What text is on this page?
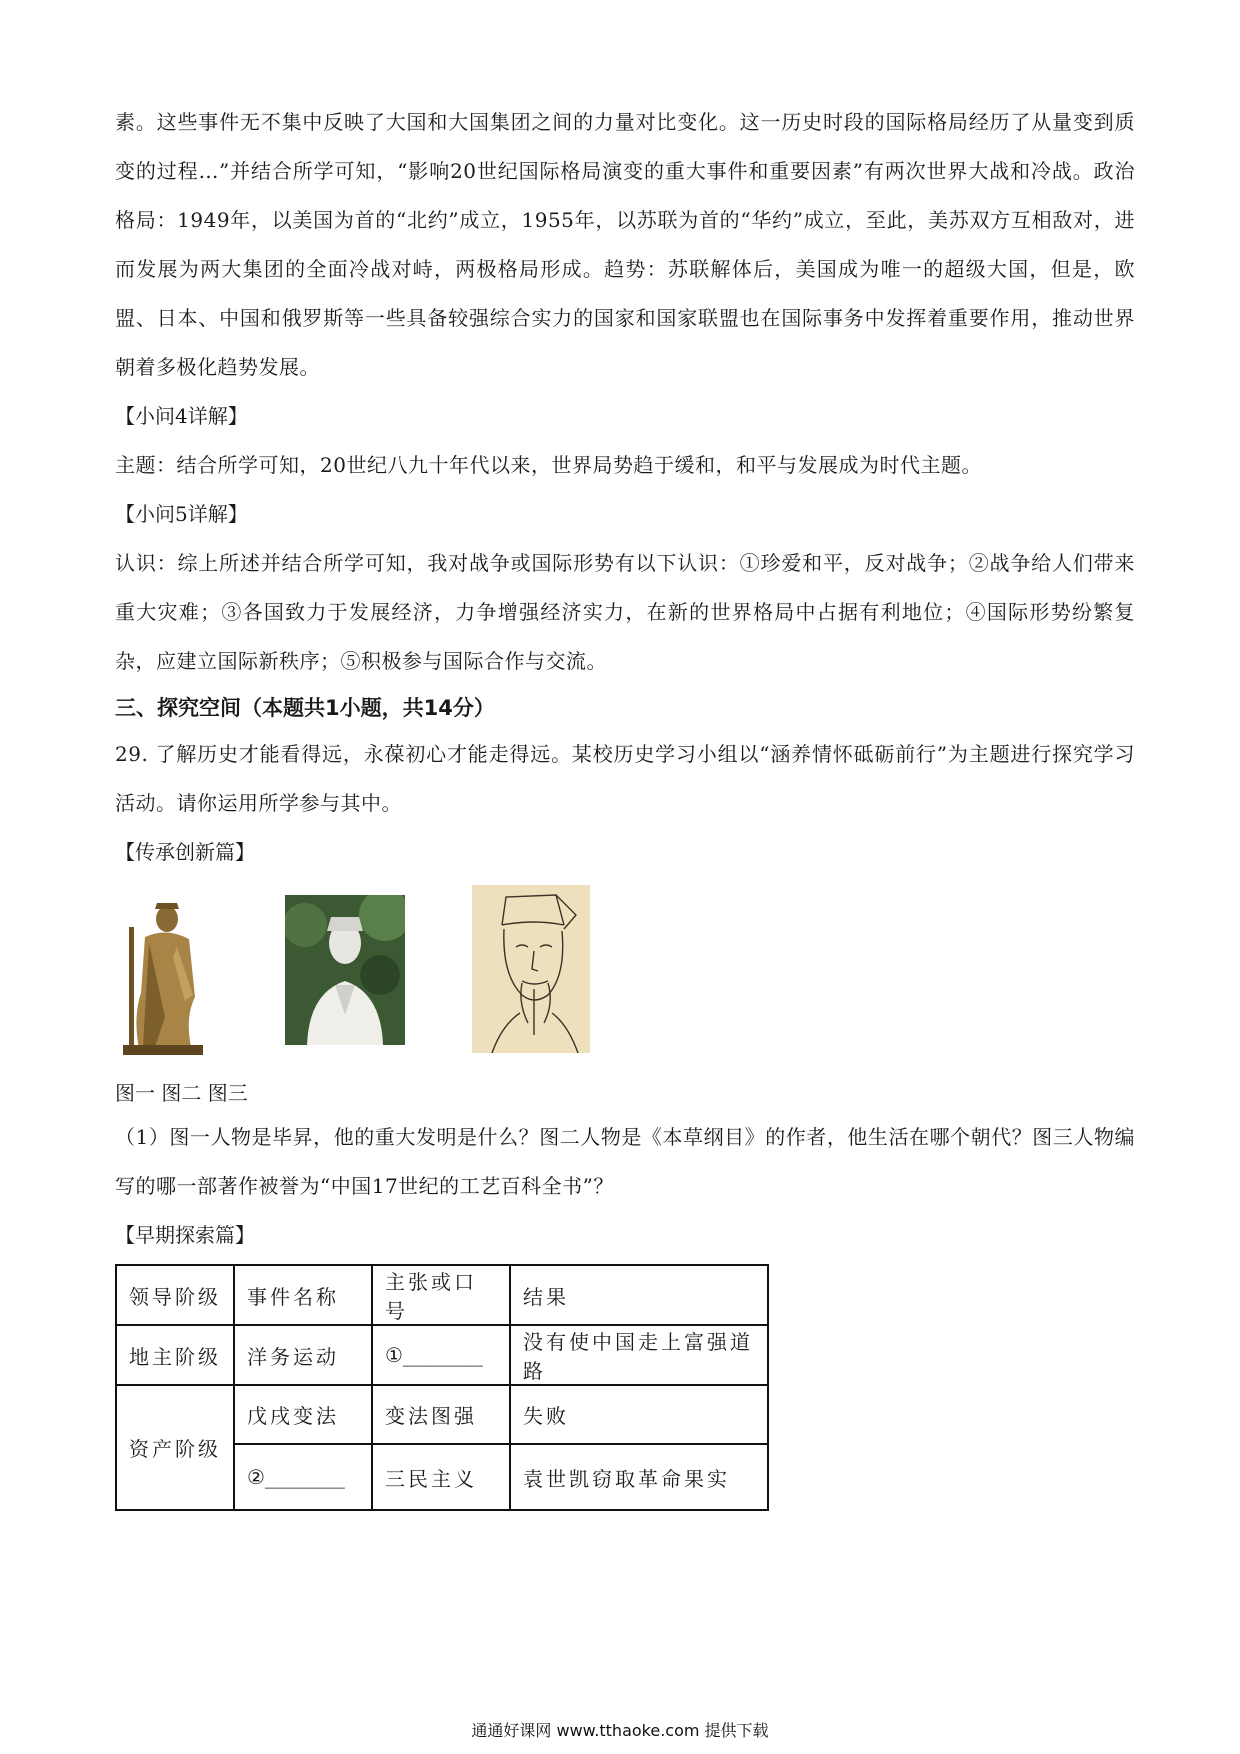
素。这些事件无不集中反映了大国和大国集团之间的力量对比变化。这一历史时段的国际格局经历了从量变到质变的过程…”并结合所学可知，“影响20世纪国际格局演变的重大事件和重要因素”有两次世界大战和冷战。政治格局：1949年，以美国为首的“北约”成立，1955年，以苏联为首的“华约”成立，至此，美苏双方互相敌对，进而发展为两大集团的全面冷战对峙，两极格局形成。趋势：苏联解体后，美国成为唯一的超级大国，但是，欧盟、日本、中国和俄罗斯等一些具备较强综合实力的国家和国家联盟也在国际事务中发挥着重要作用，推动世界朝着多极化趋势发展。

【小问4详解】

主题：结合所学可知，20世纪八九十年代以来，世界局势趋于缓和，和平与发展成为时代主题。

【小问5详解】

认识：综上所述并结合所学可知，我对战争或国际形势有以下认识：①珍爱和平，反对战争；②战争给人们带来重大灾难；③各国致力于发展经济，力争增强经济实力，在新的世界格局中占据有利地位；④国际形势纷繁复杂，应建立国际新秩序；⑤积极参与国际合作与交流。

三、探究空间（本题共1小题，共14分）

29. 了解历史才能看得远，永葆初心才能走得远。某校历史学习小组以“涵养情怀砥砺前行”为主题进行探究学习活动。请你运用所学参与其中。

【传承创新篇】

图一 图二 图三

（1）图一人物是毕昇，他的重大发明是什么？图二人物是《本草纲目》的作者，他生活在哪个朝代？图三人物编写的哪一部著作被誉为“中国17世纪的工艺百科全书”？

【早期探索篇】

领导阶级	事件名称	主张或口号	结果
地主阶级	洋务运动	①________	没有使中国走上富强道路
资产阶级	戊戌变法	变法图强	失败
	②________	三民主义	袁世凯窃取革命果实
通通好课网 www.tthaoke.com 提供下载
